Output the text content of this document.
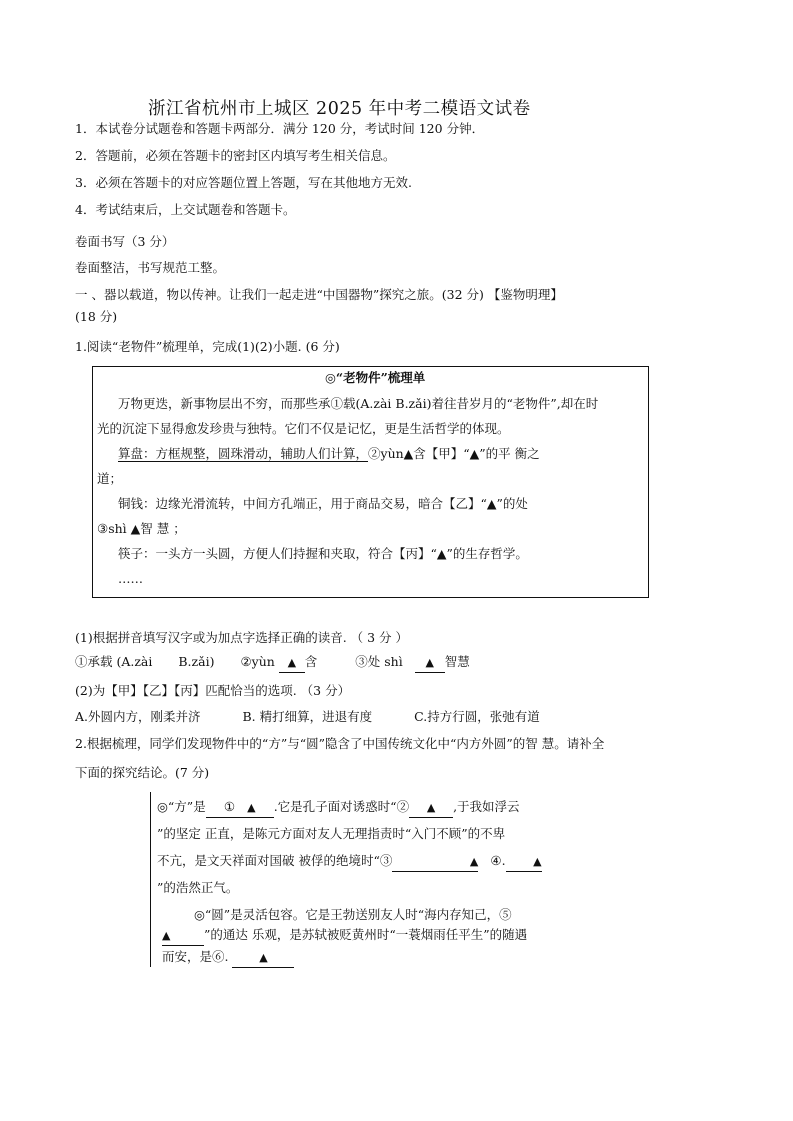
浙江省杭州市上城区 2025 年中考二模语文试卷
1．本试卷分试题卷和答题卡两部分．满分 120 分，考试时间 120 分钟．
2．答题前，必须在答题卡的密封区内填写考生相关信息。
3．必须在答题卡的对应答题位置上答题，写在其他地方无效.
4．考试结束后，上交试题卷和答题卡。
卷面书写（3 分）
卷面整洁，书写规范工整。
一 、器以载道，物以传神。让我们一起走进“中国器物”探究之旅。(32 分) 【鉴物明理】
(18 分)
1.阅读“老物件”梳理单，完成(1)(2)小题. (6 分)
◎“老物件”梳理单
万物更迭，新事物层出不穷，而那些承①载(A.zài B.zǎi)着往昔岁月的“老物件”,却在时
光的沉淀下显得愈发珍贵与独特。它们不仅是记忆，更是生活哲学的体现。
算盘：方框规整，圆珠滑动，辅助人们计算，②yùn▲含【甲】“▲”的平 衡之
道；
铜钱：边缘光滑流转，中间方孔端正，用于商品交易，暗合【乙】“▲”的处
③shì ▲智 慧 ；
筷子：一头方一头圆，方便人们持握和夹取，符合【丙】“▲”的生存哲学。
……
(1)根据拼音填写汉字或为加点字选择正确的读音. （ 3 分 ）
①承载 (A.zài B.zǎi) ②yùn ▲ 含	③处 shì ▲ 智慧
(2)为【甲】【乙】【丙】匹配恰当的选项. （3 分）
A.外圆内方，刚柔并济	B. 精打细算，进退有度	C.持方行圆，张弛有道
2.根据梳理，同学们发现物件中的“方”与“圆”隐含了中国传统文化中“内方外圆”的智 慧。请补全
下面的探究结论。(7 分)
◎“方”是 ① ▲ .它是孔子面对诱惑时“② ▲ ,于我如浮云
”的坚定 正直，是陈元方面对友人无理指责时“入门不顾”的不卑
不亢，是文天祥面对国破 被俘的绝境时“③	▲ ④.	▲
”的浩然正气。
◎“圆”是灵活包容。它是王勃送别友人时“海内存知己，⑤
▲	”的通达 乐观，是苏轼被贬黄州时“一蓑烟雨任平生”的随遇
而安，是⑥.	▲
